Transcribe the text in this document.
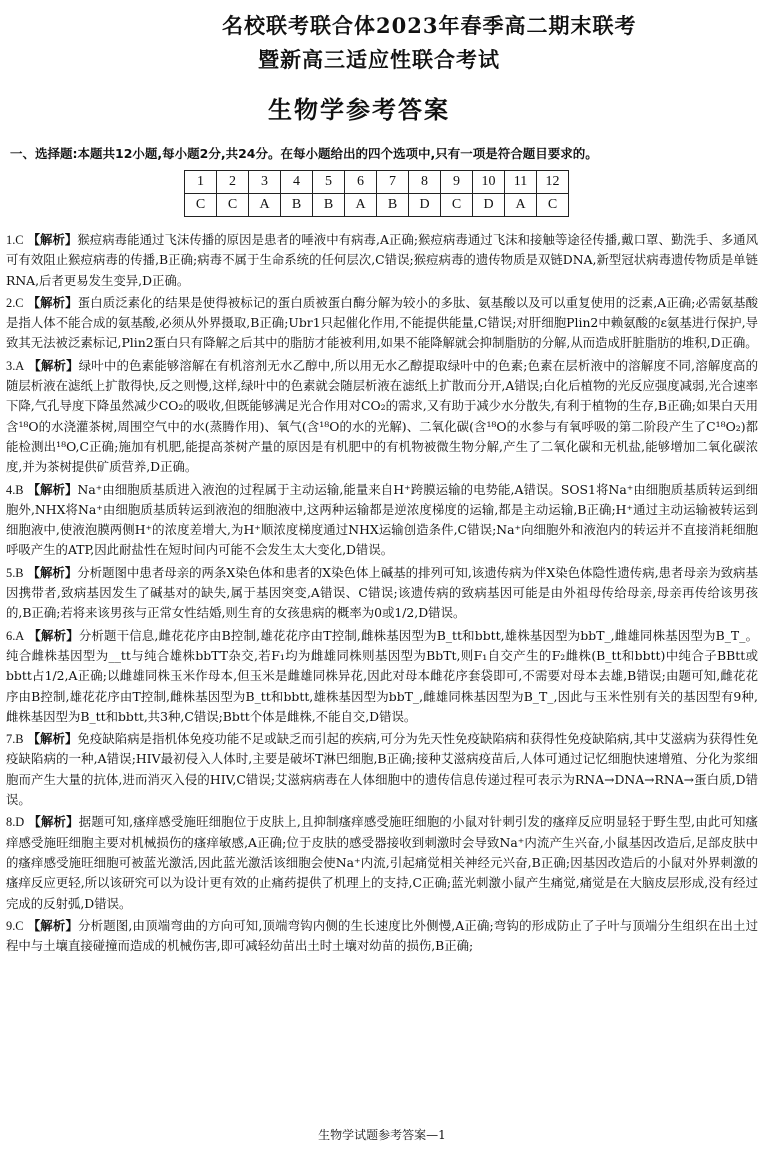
名校联考联合体2023年春季高二期末联考
暨新高三适应性联合考试
生物学参考答案
一、选择题:本题共12小题,每小题2分,共24分。在每小题给出的四个选项中,只有一项是符合题目要求的。
1	2	3	4	5	6	7	8	9	10	11	12
C	C	A	B	B	A	B	D	C	D	A	C

1.C 【解析】猴痘病毒能通过飞沫传播的原因是患者的唾液中有病毒,A正确;猴痘病毒通过飞沫和接触等途径传播,戴口罩、勤洗手、多通风可有效阻止猴痘病毒的传播,B正确;病毒不属于生命系统的任何层次,C错误;猴痘病毒的遗传物质是双链DNA,新型冠状病毒遗传物质是单链RNA,后者更易发生变异,D正确。

2.C 【解析】蛋白质泛素化的结果是使得被标记的蛋白质被蛋白酶分解为较小的多肽、氨基酸以及可以重复使用的泛素,A正确;必需氨基酸是指人体不能合成的氨基酸,必须从外界摄取,B正确;Ubr1只起催化作用,不能提供能量,C错误;对肝细胞Plin2中赖氨酸的ε氨基进行保护,导致其无法被泛素标记,Plin2蛋白只有降解之后其中的脂肪才能被利用,如果不能降解就会抑制脂肪的分解,从而造成肝脏脂肪的堆积,D正确。

3.A 【解析】绿叶中的色素能够溶解在有机溶剂无水乙醇中,所以用无水乙醇提取绿叶中的色素;色素在层析液中的溶解度不同,溶解度高的随层析液在滤纸上扩散得快,反之则慢,这样,绿叶中的色素就会随层析液在滤纸上扩散而分开,A错误;白化后植物的光反应强度减弱,光合速率下降,气孔导度下降虽然减少CO₂的吸收,但既能够满足光合作用对CO₂的需求,又有助于减少水分散失,有利于植物的生存,B正确;如果白天用含¹⁸O的水浇灌茶树,周围空气中的水(蒸腾作用)、氧气(含¹⁸O的水的光解)、二氧化碳(含¹⁸O的水参与有氧呼吸的第二阶段产生了C¹⁸O₂)都能检测出¹⁸O,C正确;施加有机肥,能提高茶树产量的原因是有机肥中的有机物被微生物分解,产生了二氧化碳和无机盐,能够增加二氧化碳浓度,并为茶树提供矿质营养,D正确。

4.B 【解析】Na⁺由细胞质基质进入液泡的过程属于主动运输,能量来自H⁺跨膜运输的电势能,A错误。SOS1将Na⁺由细胞质基质转运到细胞外,NHX将Na⁺由细胞质基质转运到液泡的细胞液中,这两种运输都是逆浓度梯度的运输,都是主动运输,B正确;H⁺通过主动运输被转运到细胞液中,使液泡膜两侧H⁺的浓度差增大,为H⁺顺浓度梯度通过NHX运输创造条件,C错误;Na⁺向细胞外和液泡内的转运并不直接消耗细胞呼吸产生的ATP,因此耐盐性在短时间内可能不会发生太大变化,D错误。

5.B 【解析】分析题图中患者母亲的两条X染色体和患者的X染色体上碱基的排列可知,该遗传病为伴X染色体隐性遗传病,患者母亲为致病基因携带者,致病基因发生了碱基对的缺失,属于基因突变,A错误、C错误;该遗传病的致病基因可能是由外祖母传给母亲,母亲再传给该男孩的,B正确;若将来该男孩与正常女性结婚,则生育的女孩患病的概率为0或1/2,D错误。

6.A 【解析】分析题干信息,雌花花序由B控制,雄花花序由T控制,雌株基因型为B_tt和bbtt,雄株基因型为bbT_,雌雄同株基因型为B_T_。纯合雌株基因型为__tt与纯合雄株bbTT杂交,若F₁均为雌雄同株则基因型为BbTt,则F₁自交产生的F₂雌株(B_tt和bbtt)中纯合子BBtt或bbtt占1/2,A正确;以雌雄同株玉米作母本,但玉米是雌雄同株异花,因此对母本雌花序套袋即可,不需要对母本去雄,B错误;由题可知,雌花花序由B控制,雄花花序由T控制,雌株基因型为B_tt和bbtt,雄株基因型为bbT_,雌雄同株基因型为B_T_,因此与玉米性别有关的基因型有9种,雌株基因型为B_tt和bbtt,共3种,C错误;Bbtt个体是雌株,不能自交,D错误。

7.B 【解析】免疫缺陷病是指机体免疫功能不足或缺乏而引起的疾病,可分为先天性免疫缺陷病和获得性免疫缺陷病,其中艾滋病为获得性免疫缺陷病的一种,A错误;HIV最初侵入人体时,主要是破坏T淋巴细胞,B正确;接种艾滋病疫苗后,人体可通过记忆细胞快速增殖、分化为浆细胞而产生大量的抗体,进而消灭入侵的HIV,C错误;艾滋病病毒在人体细胞中的遗传信息传递过程可表示为RNA→DNA→RNA→蛋白质,D错误。

8.D 【解析】据题可知,瘙痒感受施旺细胞位于皮肤上,且抑制瘙痒感受施旺细胞的小鼠对针刺引发的瘙痒反应明显轻于野生型,由此可知瘙痒感受施旺细胞主要对机械损伤的瘙痒敏感,A正确;位于皮肤的感受器接收到刺激时会导致Na⁺内流产生兴奋,小鼠基因改造后,足部皮肤中的瘙痒感受施旺细胞可被蓝光激活,因此蓝光激活该细胞会使Na⁺内流,引起痛觉相关神经元兴奋,B正确;因基因改造后的小鼠对外界刺激的瘙痒反应更轻,所以该研究可以为设计更有效的止痛药提供了机理上的支持,C正确;蓝光刺激小鼠产生痛觉,痛觉是在大脑皮层形成,没有经过完成的反射弧,D错误。

9.C 【解析】分析题图,由顶端弯曲的方向可知,顶端弯钩内侧的生长速度比外侧慢,A正确;弯钩的形成防止了子叶与顶端分生组织在出土过程中与土壤直接碰撞而造成的机械伤害,即可减轻幼苗出土时土壤对幼苗的损伤,B正确;

生物学试题参考答案—1
